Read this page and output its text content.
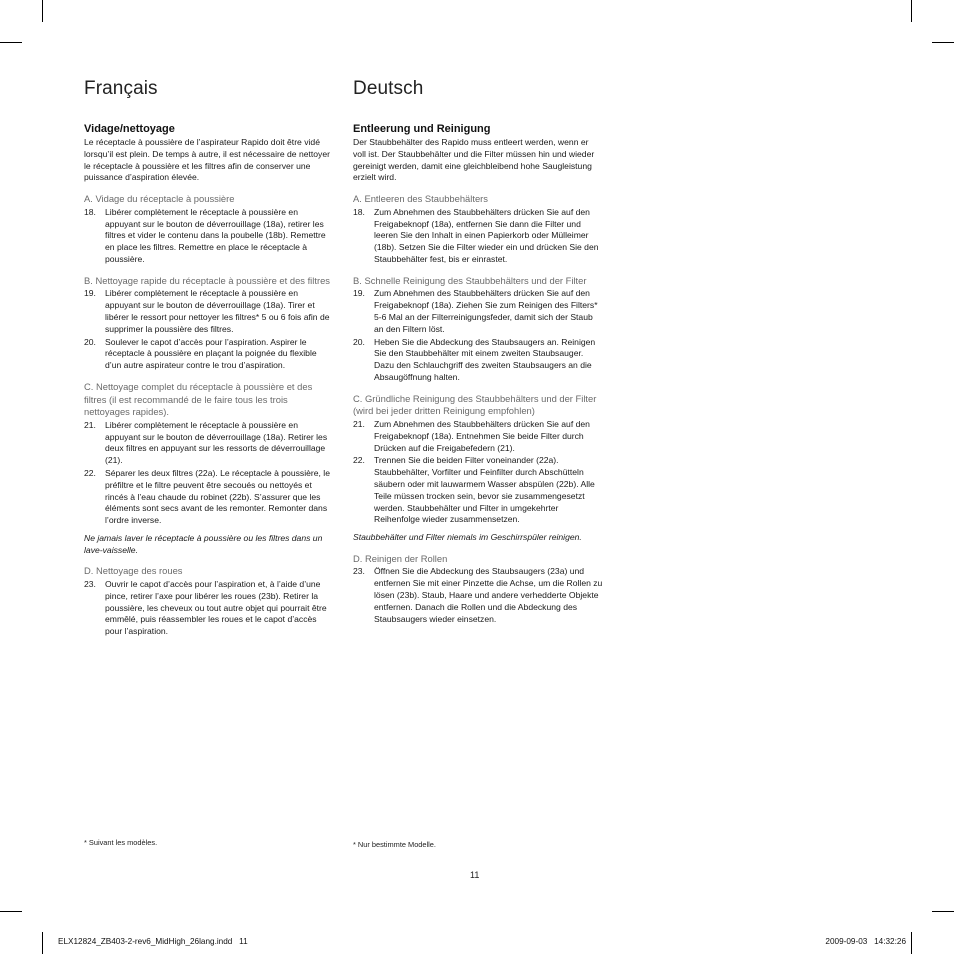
Français

Vidage/nettoyage

Le réceptacle à poussière de l’aspirateur Rapido doit être vidé lorsqu’il est plein. De temps à autre, il est nécessaire de nettoyer le réceptacle à poussière et les filtres afin de conserver une puissance d’aspiration élevée.

A. Vidage du réceptacle à poussière

18.	Libérer complètement le réceptacle à poussière en appuyant sur le bouton de déverrouillage (18a), retirer les filtres et vider le contenu dans la poubelle (18b). Remettre en place les filtres. Remettre en place le réceptacle à poussière.

B. Nettoyage rapide du réceptacle à poussière et des filtres

19.	Libérer complètement le réceptacle à poussière en appuyant sur le bouton de déverrouillage (18a). Tirer et libérer le ressort pour nettoyer les filtres* 5 ou 6 fois afin de supprimer la poussière des filtres.
20.	Soulever le capot d’accès pour l’aspiration. Aspirer le réceptacle à poussière en plaçant la poignée du flexible d’un autre aspirateur contre le trou d’aspiration.

C. Nettoyage complet du réceptacle à poussière et des filtres (il est recommandé de le faire tous les trois nettoyages rapides).

21.	Libérer complètement le réceptacle à poussière en appuyant sur le bouton de déverrouillage (18a). Retirer les deux filtres en appuyant sur les ressorts de déverrouillage (21).
22.	Séparer les deux filtres (22a). Le réceptacle à poussière, le préfiltre et le filtre peuvent être secoués ou nettoyés et rincés à l’eau chaude du robinet (22b). S’assurer que les éléments sont secs avant de les remonter. Remonter dans l’ordre inverse.

Ne jamais laver le réceptacle à poussière ou les filtres dans un lave-vaisselle.

D. Nettoyage des roues

23.	Ouvrir le capot d’accès pour l’aspiration et, à l’aide d’une pince, retirer l’axe pour libérer les roues (23b). Retirer la poussière, les cheveux ou tout autre objet qui pourrait être emmêlé, puis réassembler les roues et le capot d’accès pour l’aspiration.
Deutsch

Entleerung und Reinigung

Der Staubbehälter des Rapido muss entleert werden, wenn er voll ist. Der Staubbehälter und die Filter müssen hin und wieder gereinigt werden, damit eine gleichbleibend hohe Saugleistung erzielt wird.

A. Entleeren des Staubbehälters

18.	Zum Abnehmen des Staubbehälters drücken Sie auf den Freigabeknopf (18a), entfernen Sie dann die Filter und leeren Sie den Inhalt in einen Papierkorb oder Mülleimer (18b). Setzen Sie die Filter wieder ein und drücken Sie den Staubbehälter fest, bis er einrastet.

B. Schnelle Reinigung des Staubbehälters und der Filter

19.	Zum Abnehmen des Staubbehälters drücken Sie auf den Freigabeknopf (18a). Ziehen Sie zum Reinigen des Filters* 5-6 Mal an der Filterreinigungsfeder, damit sich der Staub an den Filtern löst.
20.	Heben Sie die Abdeckung des Staubsaugers an. Reinigen Sie den Staubbehälter mit einem zweiten Staubsauger. Dazu den Schlauchgriff des zweiten Staubsaugers an die Absaugöffnung halten.

C. Gründliche Reinigung des Staubbehälters und der Filter (wird bei jeder dritten Reinigung empfohlen)

21.	Zum Abnehmen des Staubbehälters drücken Sie auf den Freigabeknopf (18a). Entnehmen Sie beide Filter durch Drücken auf die Freigabefedern (21).
22.	Trennen Sie die beiden Filter voneinander (22a). Staubbehälter, Vorfilter und Feinfilter durch Abschütteln säubern oder mit lauwarmem Wasser abspülen (22b). Alle Teile müssen trocken sein, bevor sie zusammengesetzt werden. Staubbehälter und Filter in umgekehrter Reihenfolge wieder zusammensetzen.

Staubbehälter und Filter niemals im Geschirrspüler reinigen.

D. Reinigen der Rollen

23.	Öffnen Sie die Abdeckung des Staubsaugers (23a) und entfernen Sie mit einer Pinzette die Achse, um die Rollen zu lösen (23b). Staub, Haare und andere verhedderte Objekte entfernen. Danach die Rollen und die Abdeckung des Staubsaugers wieder einsetzen.
* Suivant les modèles.	* Nur bestimmte Modelle.
11
ELX12824_ZB403-2-rev6_MidHigh_26lang.indd   11	2009-09-03   14:32:26
